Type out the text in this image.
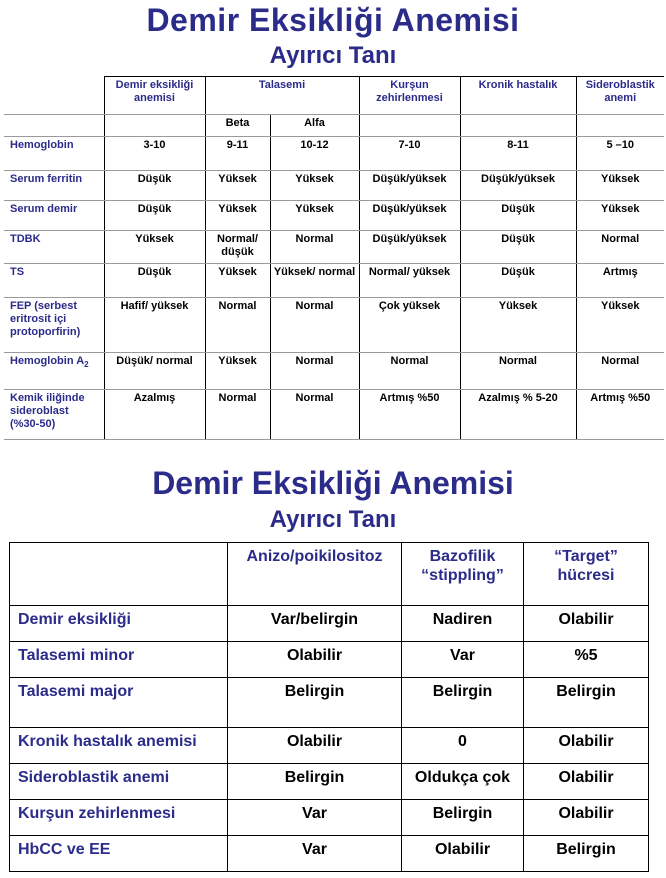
Demir Eksikliği Anemisi
Ayırıcı Tanı
	Demir eksikliği anemisi	Talasemi		Kurşun zehirlenmesi	Kronik hastalık	Sideroblastik anemi
		Beta	Alfa			
Hemoglobin	3-10	9-11	10-12	7-10	8-11	5 –10
Serum ferritin	Düşük	Yüksek	Yüksek	Düşük/yüksek	Düşük/yüksek	Yüksek
Serum demir	Düşük	Yüksek	Yüksek	Düşük/yüksek	Düşük	Yüksek
TDBK	Yüksek	Normal/ düşük	Normal	Düşük/yüksek	Düşük	Normal
TS	Düşük	Yüksek	Yüksek/ normal	Normal/ yüksek	Düşük	Artmış
FEP (serbest eritrosit içi protoporfirin)	Hafif/ yüksek	Normal	Normal	Çok yüksek	Yüksek	Yüksek
Hemoglobin $A_2$	Düşük/ normal	Yüksek	Normal	Normal	Normal	Normal
Kemik iliğinde sideroblast (%30-50)	Azalmış	Normal	Normal	Artmış %50	Azalmış % 5-20	Artmış %50
Demir Eksikliği Anemisi
Ayırıcı Tanı
	Anizo/poikilositoz	Bazofilik “stippling”	“Target” hücresi
Demir eksikliği	Var/belirgin	Nadiren	Olabilir
Talasemi minor	Olabilir	Var	%5
Talasemi major	Belirgin	Belirgin	Belirgin
Kronik hastalık anemisi	Olabilir	0	Olabilir
Sideroblastik anemi	Belirgin	Oldukça çok	Olabilir
Kurşun zehirlenmesi	Var	Belirgin	Olabilir
HbCC ve EE	Var	Olabilir	Belirgin
